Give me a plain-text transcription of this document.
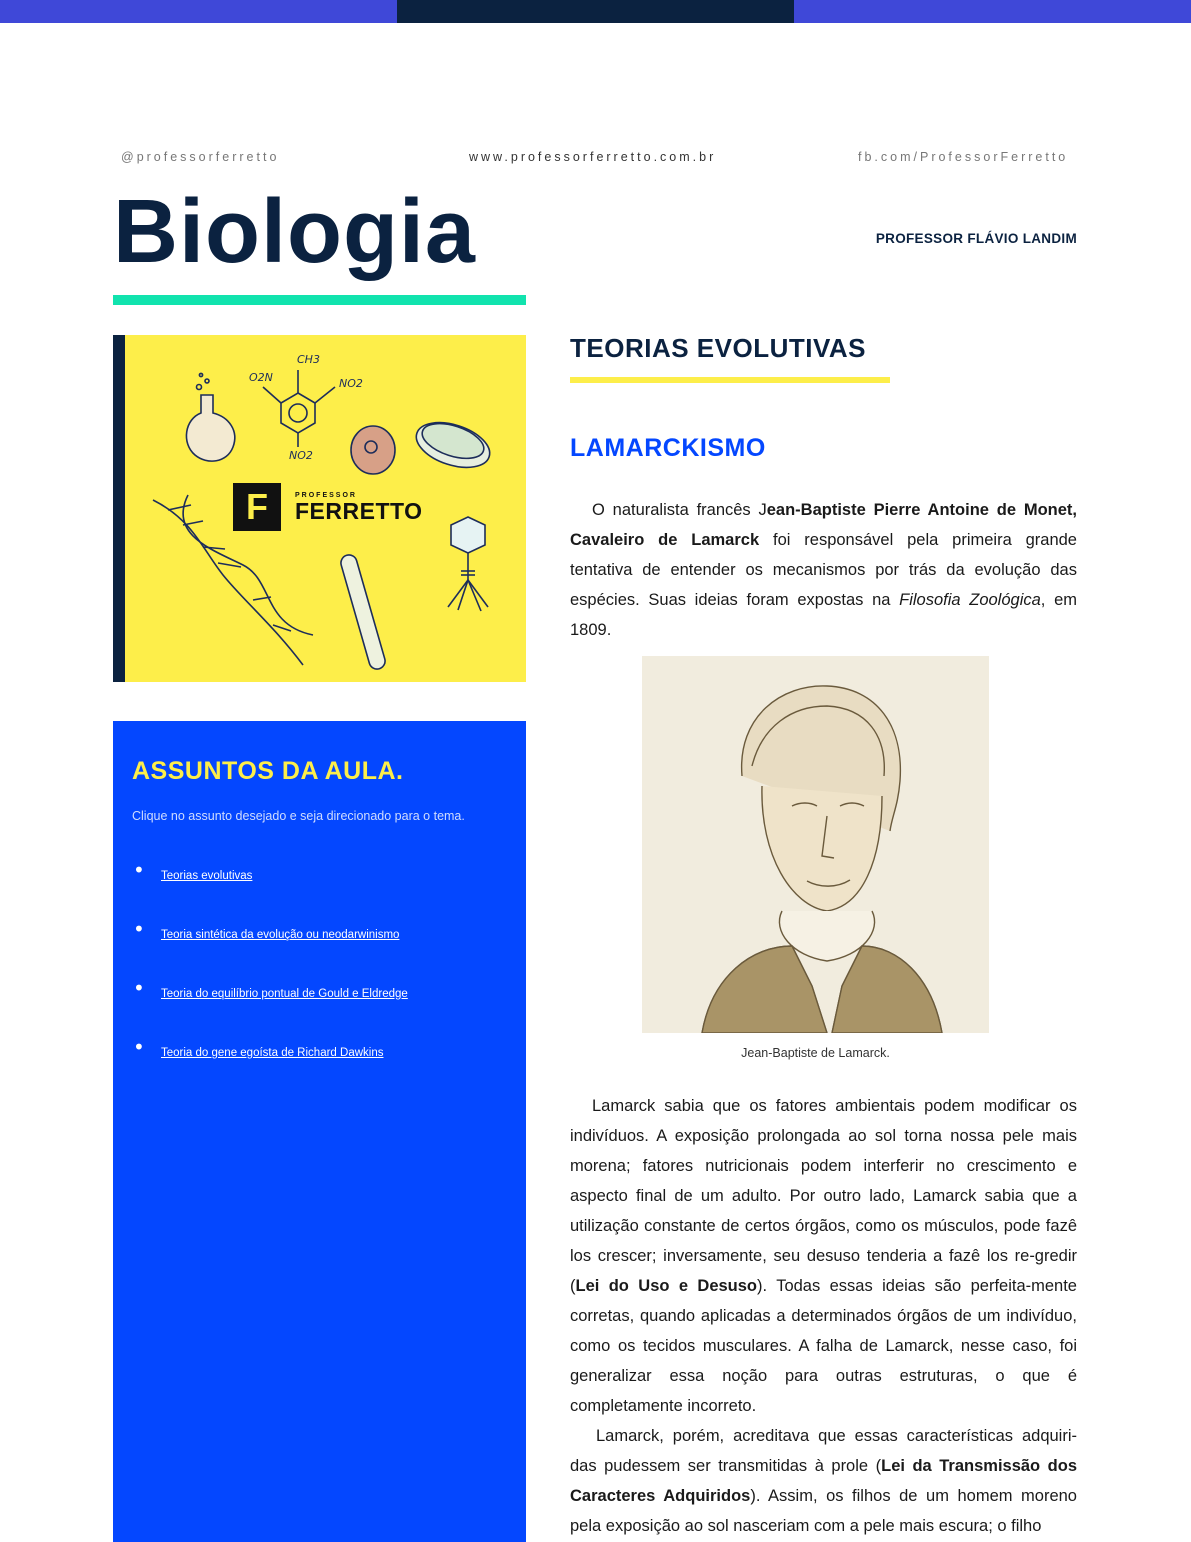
@professorferretto	www.professorferretto.com.br	fb.com/ProfessorFerretto
Biologia	PROFESSOR FLÁVIO LANDIM
CH3
O2N	NO2
NO2
F	PROFESSOR
FERRETTO
ASSUNTOS DA AULA.
Clique no assunto desejado e seja direcionado para o tema.
• Teorias evolutivas
• Teoria sintética da evolução ou neodarwinismo
• Teoria do equilíbrio pontual de Gould e Eldredge
• Teoria do gene egoísta de Richard Dawkins
TEORIAS EVOLUTIVAS
LAMARCKISMO

O naturalista francês Jean-Baptiste Pierre Antoine de Monet, Cavaleiro de Lamarck foi responsável pela primeira grande tentativa de entender os mecanismos por trás da evolução das espécies. Suas ideias foram expostas na Filosofia Zoológica, em 1809.

Jean-Baptiste de Lamarck.

Lamarck sabia que os fatores ambientais podem modificar os indivíduos. A exposição prolongada ao sol torna nossa pele mais morena; fatores nutricionais podem interferir no crescimento e aspecto final de um adulto. Por outro lado, Lamarck sabia que a utilização constante de certos órgãos, como os músculos, pode fazê los crescer; inversamente, seu desuso tenderia a fazê los re-gredir (Lei do Uso e Desuso). Todas essas ideias são perfeita-mente corretas, quando aplicadas a determinados órgãos de um indivíduo, como os tecidos musculares. A falha de Lamarck, nesse caso, foi generalizar essa noção para outras estruturas, o que é completamente incorreto.

Lamarck, porém, acreditava que essas características adquiri-das pudessem ser transmitidas à prole (Lei da Transmissão dos Caracteres Adquiridos). Assim, os filhos de um homem moreno pela exposição ao sol nasceriam com a pele mais escura; o filho
